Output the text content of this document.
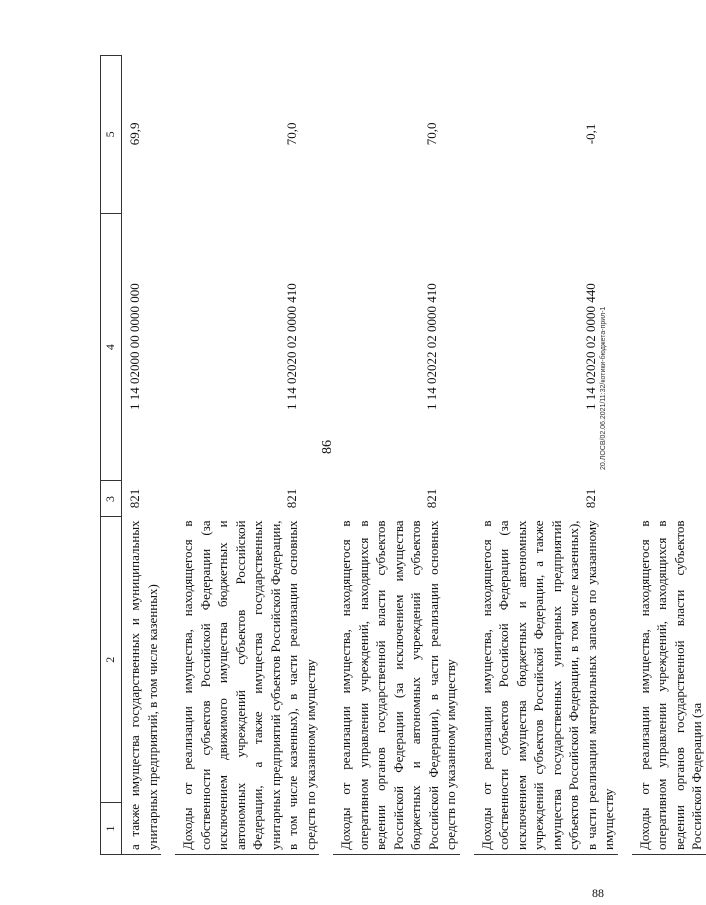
86	20.ЛОСВ/02.06.2021/11:32/котики-бюджета-прил-1
88
1
2
3
4
5
а также имущества государственных и муниципальных унитарных предприятий, в том числе казенных)
821
1 14 02000 00 0000 000
69,9
Доходы от реализации имущества, находящегося в собственности субъектов Российской Федерации (за исключением движимого имущества бюджетных и автономных учреждений субъектов Российской Федерации, а также имущества государственных унитарных предприятий субъектов Российской Федерации, в том числе казенных), в части реализации основных средств по указанному имуществу
821
1 14 02020 02 0000 410
70,0
Доходы от реализации имущества, находящегося в оперативном управлении учреждений, находящихся в ведении органов государственной власти субъектов Российской Федерации (за исключением имущества бюджетных и автономных учреждений субъектов Российской Федерации), в части реализации основных средств по указанному имуществу
821
1 14 02022 02 0000 410
70,0
Доходы от реализации имущества, находящегося в собственности субъектов Российской Федерации (за исключением имущества бюджетных и автономных учреждений субъектов Российской Федерации, а также имущества государственных унитарных предприятий субъектов Российской Федерации, в том числе казенных), в части реализации материальных запасов по указанному имуществу
821
1 14 02020 02 0000 440
-0,1
Доходы от реализации имущества, находящегося в оперативном управлении учреждений, находящихся в ведении органов государственной власти субъектов Российской Федерации (за
